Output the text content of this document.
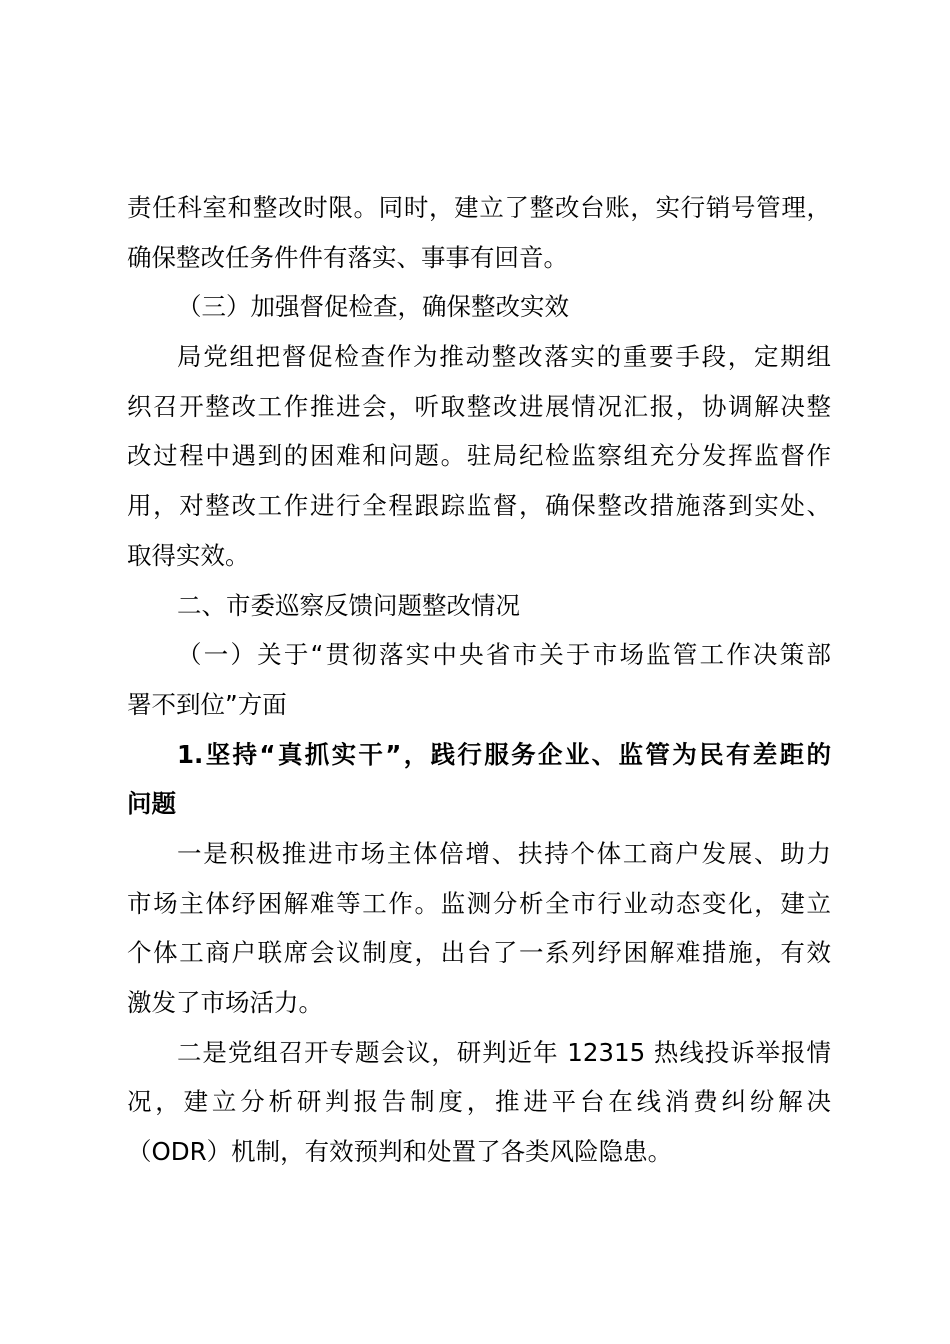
责任科室和整改时限。同时，建立了整改台账，实行销号管理，
确保整改任务件件有落实、事事有回音。
（三）加强督促检查，确保整改实效
局党组把督促检查作为推动整改落实的重要手段，定期组
织召开整改工作推进会，听取整改进展情况汇报，协调解决整
改过程中遇到的困难和问题。驻局纪检监察组充分发挥监督作
用，对整改工作进行全程跟踪监督，确保整改措施落到实处、
取得实效。
二、市委巡察反馈问题整改情况
（一）关于“贯彻落实中央省市关于市场监管工作决策部
署不到位”方面
1.坚持“真抓实干”，践行服务企业、监管为民有差距的
问题
一是积极推进市场主体倍增、扶持个体工商户发展、助力
市场主体纾困解难等工作。监测分析全市行业动态变化，建立
个体工商户联席会议制度，出台了一系列纾困解难措施，有效
激发了市场活力。
二是党组召开专题会议，研判近年 12315 热线投诉举报情
况，建立分析研判报告制度，推进平台在线消费纠纷解决
（ODR）机制，有效预判和处置了各类风险隐患。
